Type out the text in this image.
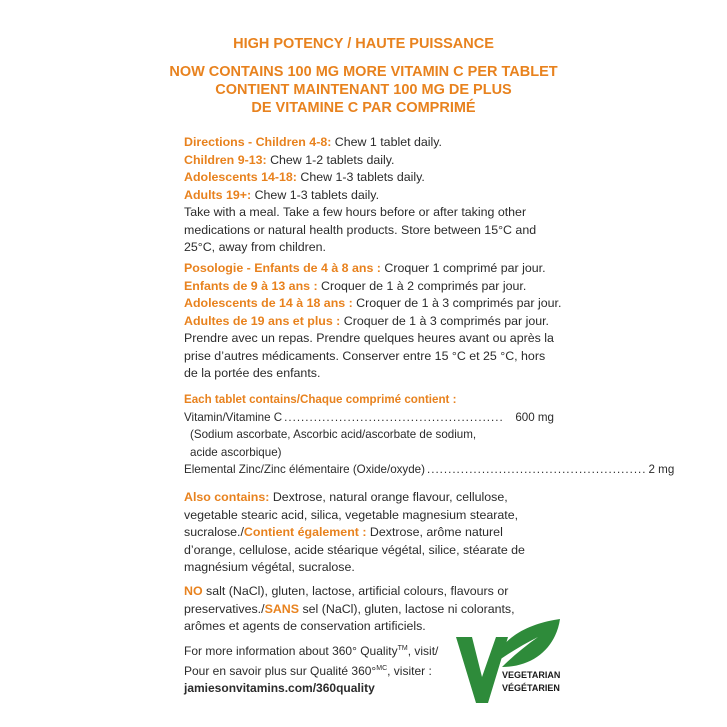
HIGH POTENCY / HAUTE PUISSANCE
NOW CONTAINS 100 MG MORE VITAMIN C PER TABLET
CONTIENT MAINTENANT 100 MG DE PLUS
DE VITAMINE C PAR COMPRIMÉ
Directions - Children 4-8: Chew 1 tablet daily.
Children 9-13: Chew 1-2 tablets daily.
Adolescents 14-18: Chew 1-3 tablets daily.
Adults 19+: Chew 1-3 tablets daily.
Take with a meal. Take a few hours before or after taking other medications or natural health products. Store between 15°C and 25°C, away from children.
Posologie - Enfants de 4 à 8 ans : Croquer 1 comprimé par jour.
Enfants de 9 à 13 ans : Croquer de 1 à 2 comprimés par jour.
Adolescents de 14 à 18 ans : Croquer de 1 à 3 comprimés par jour.
Adultes de 19 ans et plus : Croquer de 1 à 3 comprimés par jour.
Prendre avec un repas. Prendre quelques heures avant ou après la prise d’autres médicaments. Conserver entre 15 °C et 25 °C, hors de la portée des enfants.
Each tablet contains/Chaque comprimé contient :
Vitamin/Vitamine C ....................................................	600 mg
(Sodium ascorbate, Ascorbic acid/ascorbate de sodium,
acide ascorbique)
Elemental Zinc/Zinc élémentaire (Oxide/oxyde) .................................................... 2 mg
Also contains: Dextrose, natural orange flavour, cellulose, vegetable stearic acid, silica, vegetable magnesium stearate, sucralose./Contient également : Dextrose, arôme naturel d’orange, cellulose, acide stéarique végétal, silice, stéarate de magnésium végétal, sucralose.
NO salt (NaCl), gluten, lactose, artificial colours, flavours or preservatives./SANS sel (NaCl), gluten, lactose ni colorants, arômes et agents de conservation artificiels.
For more information about 360° Quality™, visit/
Pour en savoir plus sur Qualité 360°$^{MC}$, visiter :
jamiesonvitamins.com/360quality
VEGETARIAN
VÉGÉTARIEN
